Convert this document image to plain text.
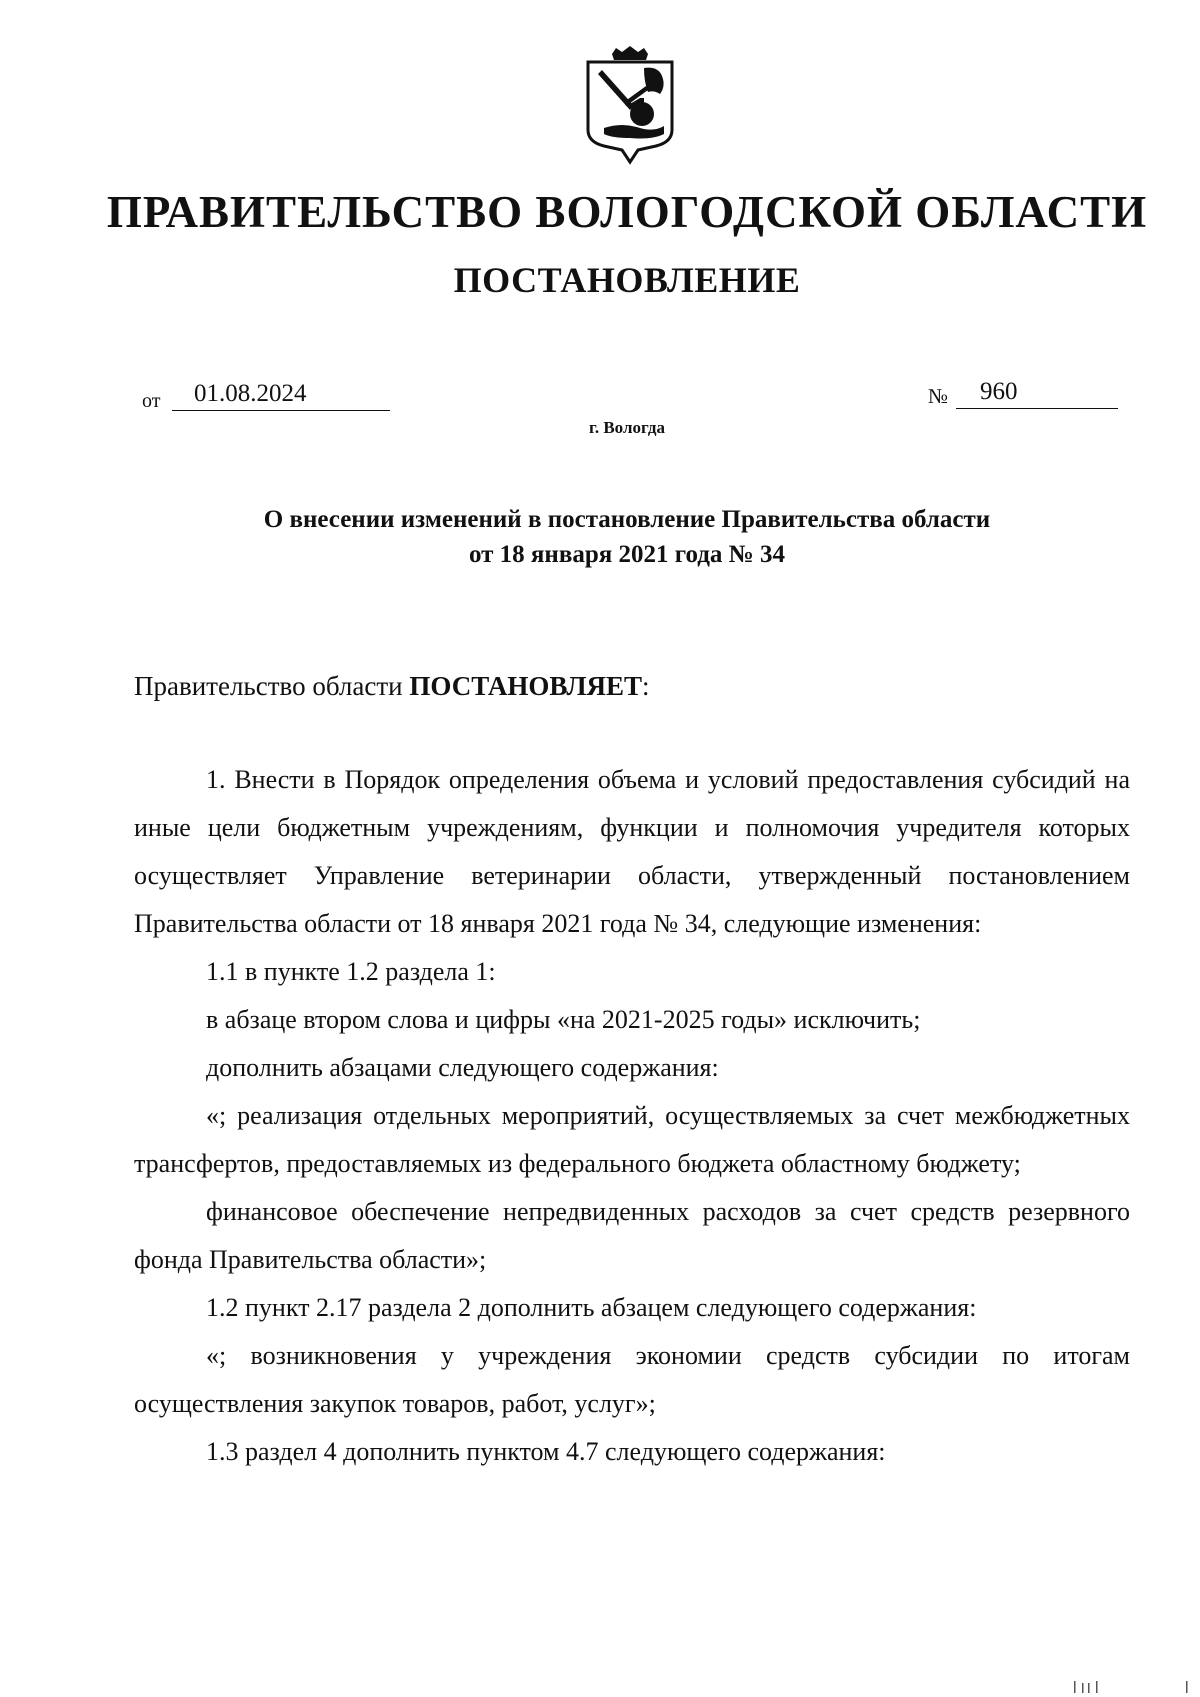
ПРАВИТЕЛЬСТВО ВОЛОГОДСКОЙ ОБЛАСТИ
ПОСТАНОВЛЕНИЕ
от	01.08.2024	№	960
г. Вологда
О внесении изменений в постановление Правительства области
от 18 января 2021 года № 34
Правительство области ПОСТАНОВЛЯЕТ:

1. Внести в Порядок определения объема и условий предоставления субсидий на иные цели бюджетным учреждениям, функции и полномочия учредителя которых осуществляет Управление ветеринарии области, утвержденный постановлением Правительства области от 18 января 2021 года № 34, следующие изменения:

1.1 в пункте 1.2 раздела 1:

в абзаце втором слова и цифры «на 2021-2025 годы» исключить;

дополнить абзацами следующего содержания:

«; реализация отдельных мероприятий, осуществляемых за счет межбюджетных трансфертов, предоставляемых из федерального бюджета областному бюджету;

финансовое обеспечение непредвиденных расходов за счет средств резервного фонда Правительства области»;

1.2 пункт 2.17 раздела 2 дополнить абзацем следующего содержания:

«; возникновения у учреждения экономии средств субсидии по итогам осуществления закупок товаров, работ, услуг»;

1.3 раздел 4 дополнить пунктом 4.7 следующего содержания:
